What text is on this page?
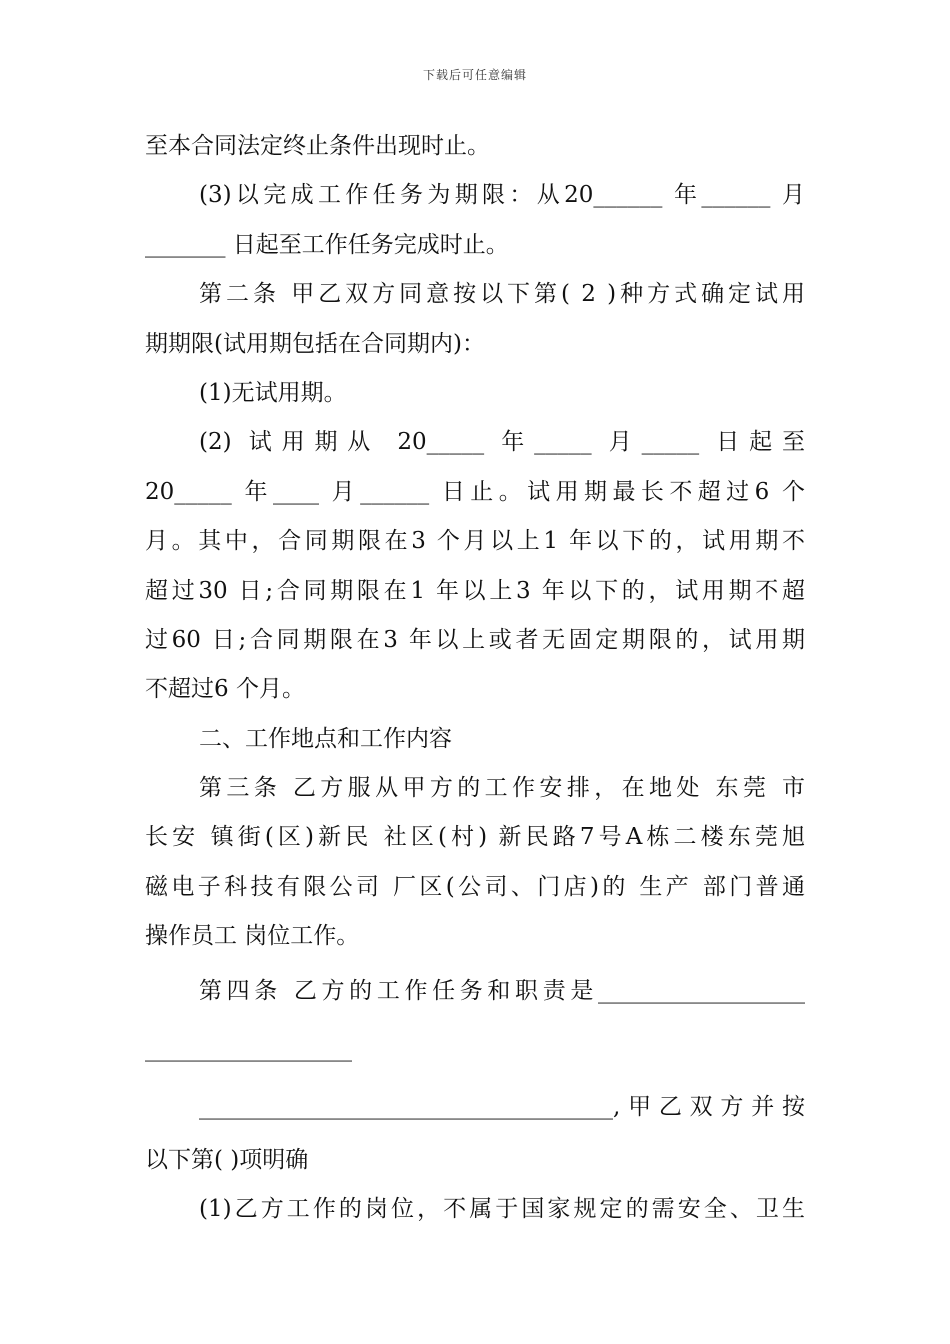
下载后可任意编辑
至本合同法定终止条件出现时止。
(3)以完成工作任务为期限：从20______ 年______ 月
_______ 日起至工作任务完成时止。
第二条 甲乙双方同意按以下第( 2 )种方式确定试用
期期限(试用期包括在合同期内)：
(1)无试用期。
(2) 试用期从 20_____ 年_____ 月_____ 日起至
20_____ 年____ 月______ 日止。试用期最长不超过6 个
月。其中，合同期限在3 个月以上1 年以下的，试用期不
超过30 日;合同期限在1 年以上3 年以下的，试用期不超
过60 日;合同期限在3 年以上或者无固定期限的，试用期
不超过6 个月。
二、工作地点和工作内容
第三条 乙方服从甲方的工作安排，在地处 东莞 市
长安 镇街(区)新民 社区(村) 新民路7号A栋二楼东莞旭
磁电子科技有限公司 厂区(公司、门店)的 生产 部门普通
操作员工 岗位工作。
第四条 乙方的工作任务和职责是__________________
__________________
____________________________________,甲乙双方并按
以下第( )项明确
(1)乙方工作的岗位，不属于国家规定的需安全、卫生
